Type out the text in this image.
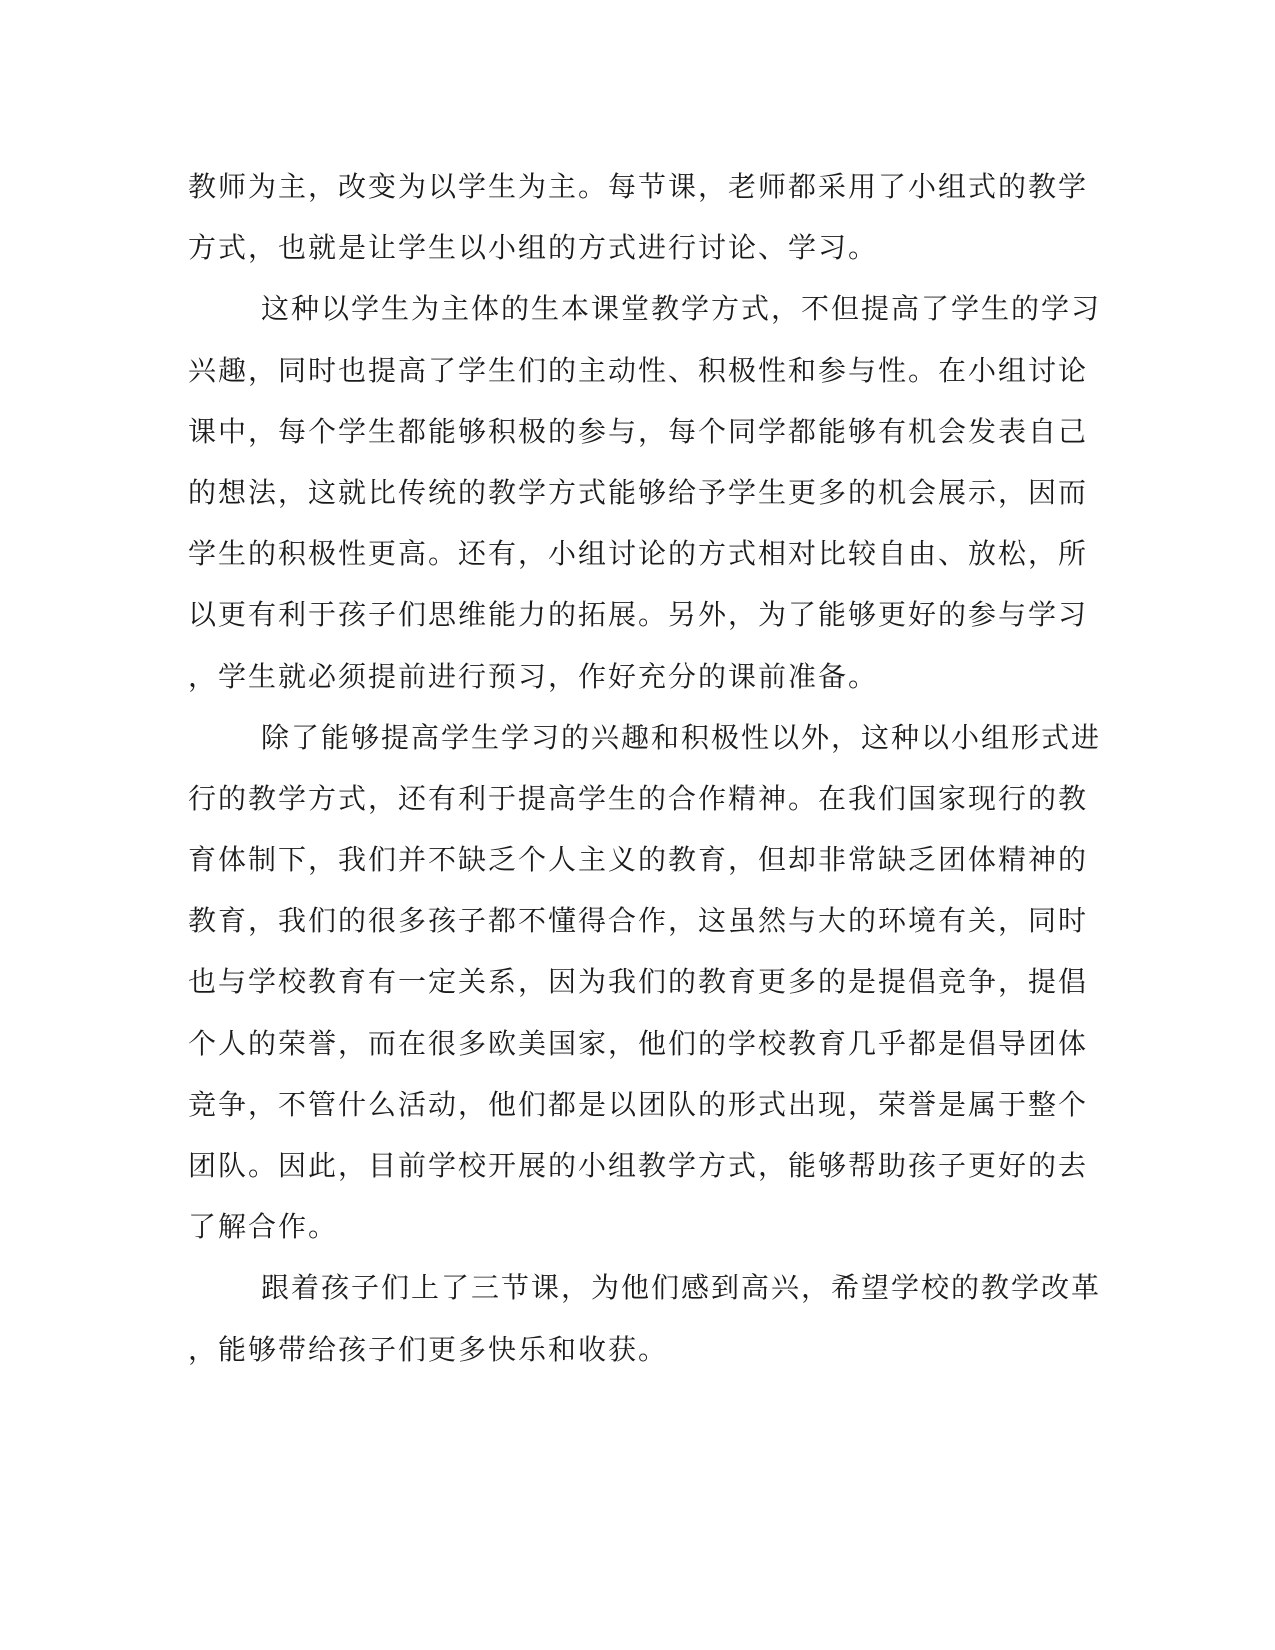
教师为主，改变为以学生为主。每节课，老师都采用了小组式的教学
方式，也就是让学生以小组的方式进行讨论、学习。
这种以学生为主体的生本课堂教学方式，不但提高了学生的学习
兴趣，同时也提高了学生们的主动性、积极性和参与性。在小组讨论
课中，每个学生都能够积极的参与，每个同学都能够有机会发表自己
的想法，这就比传统的教学方式能够给予学生更多的机会展示，因而
学生的积极性更高。还有，小组讨论的方式相对比较自由、放松，所
以更有利于孩子们思维能力的拓展。另外，为了能够更好的参与学习
，学生就必须提前进行预习，作好充分的课前准备。
除了能够提高学生学习的兴趣和积极性以外，这种以小组形式进
行的教学方式，还有利于提高学生的合作精神。在我们国家现行的教
育体制下，我们并不缺乏个人主义的教育，但却非常缺乏团体精神的
教育，我们的很多孩子都不懂得合作，这虽然与大的环境有关，同时
也与学校教育有一定关系，因为我们的教育更多的是提倡竞争，提倡
个人的荣誉，而在很多欧美国家，他们的学校教育几乎都是倡导团体
竞争，不管什么活动，他们都是以团队的形式出现，荣誉是属于整个
团队。因此，目前学校开展的小组教学方式，能够帮助孩子更好的去
了解合作。
跟着孩子们上了三节课，为他们感到高兴，希望学校的教学改革
，能够带给孩子们更多快乐和收获。
